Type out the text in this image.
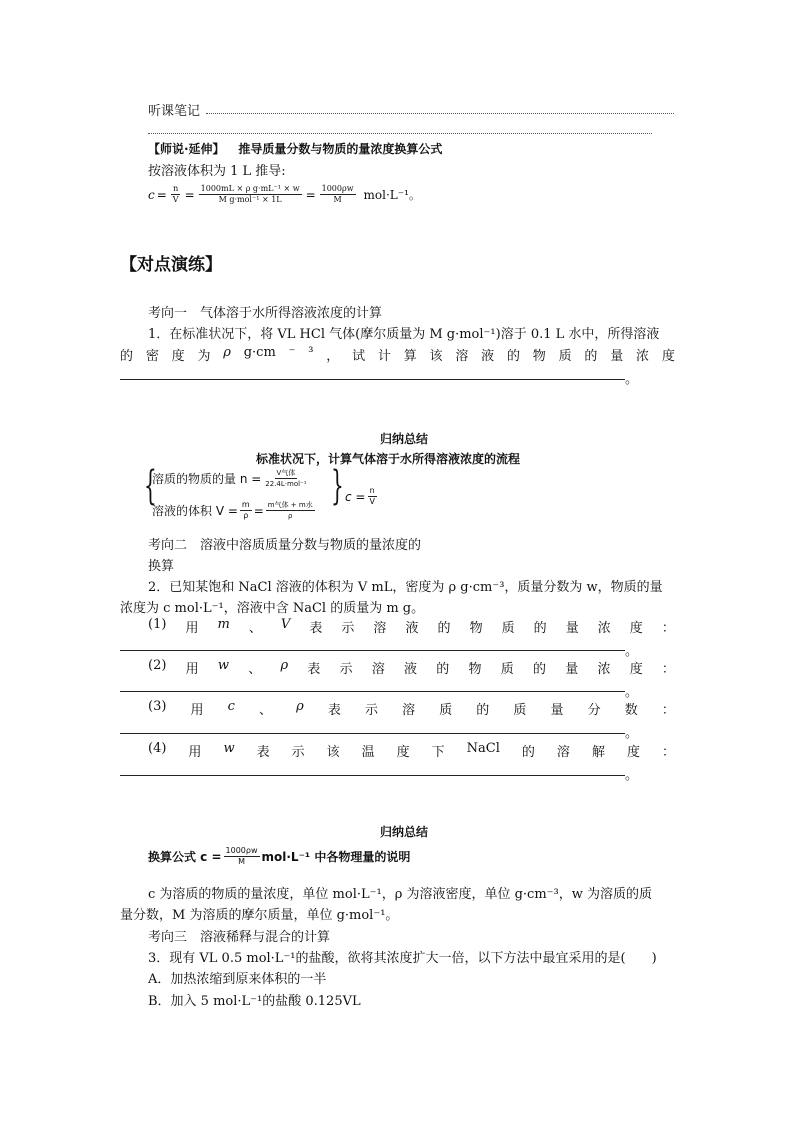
听课笔记
【师说·延伸】 推导质量分数与物质的量浓度换算公式
按溶液体积为 1 L 推导:
$c = \frac{n}{V} = \frac{\text{1000mL × ρ g·mL⁻¹ × w}}{\text{M g·mol⁻¹ × 1L}} = \frac{1000\rho w}{M} mol\cdot L^{-1}$。
【对点演练】
考向一　气体溶于水所得溶液浓度的计算
1．在标准状况下，将 VL HCl 气体(摩尔质量为 M g·mol⁻¹)溶于 0.1 L 水中，所得溶液
的 密 度 为 ρ g·cm ⁻ ³ ， 试 计 算 该 溶 液 的 物 质 的 量 浓 度
。
归纳总结
标准状况下，计算气体溶于水所得溶液浓度的流程
{	}
溶质的物质的量 $n = \frac{\text{V气体}}{\text{22.4L·mol⁻¹}}$
溶液的体积 $V = \frac{m}{\rho} = \frac{\text{m气体 + m水}}{\rho}$
$c = \frac{n}{V}$
考向二　溶液中溶质质量分数与物质的量浓度的
换算
2．已知某饱和 NaCl 溶液的体积为 V mL，密度为 ρ g·cm⁻³，质量分数为 w，物质的量
浓度为 c mol·L⁻¹，溶液中含 NaCl 的质量为 m g。
(1) 用 m 、 V 表 示 溶 液 的 物 质 的 量 浓 度 ：
。
(2) 用 w 、 ρ 表 示 溶 液 的 物 质 的 量 浓 度 ：
。
(3) 用 c 、 ρ 表 示 溶 质 的 质 量 分 数 ：
。
(4) 用 w 表 示 该 温 度 下 NaCl 的 溶 解 度 ：
。
归纳总结
换算公式 $c = \frac{1000\rho w}{M} mol\cdot L^{-1}$ 中各物理量的说明
c 为溶质的物质的量浓度，单位 mol·L⁻¹，ρ 为溶液密度，单位 g·cm⁻³，w 为溶质的质
量分数，M 为溶质的摩尔质量，单位 g·mol⁻¹。
考向三　溶液稀释与混合的计算
3．现有 VL 0.5 mol·L⁻¹的盐酸，欲将其浓度扩大一倍，以下方法中最宜采用的是(　　)
A．加热浓缩到原来体积的一半
B．加入 5 mol·L⁻¹的盐酸 0.125VL
